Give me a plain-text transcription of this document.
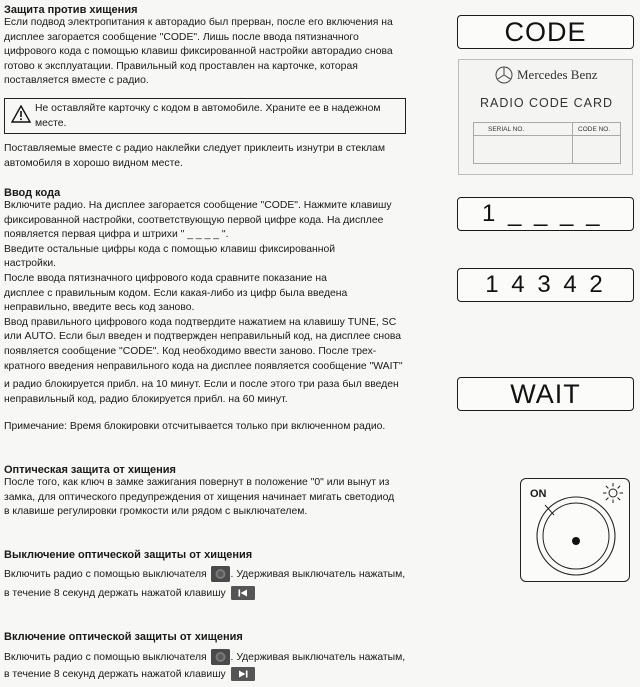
Защита против хищения
Если подвод электропитания к автoрадио был прерван, после его включения на
дисплее загорается сообщение "CODE". Лишь после ввода пятизначного
цифрового кода с помощью клавиш фиксированной настройки автoрадио снова
готово к эксплуатации. Правильный код проставлен на карточке, которая
поставляется вместе с радио.
Не оставляйте карточку с кодом в автомобиле. Храните ее в надежном
месте.
Поставляемые вместе с радио наклейки следует приклеить изнутри в стеклам
автомобиля в хорошо видном месте.
Ввод кода
Включите радио. На дисплее загорается сообщение "CODE". Нажмите клавишу
фиксированной настройки, соответствующую первой цифре кода. На дисплее
появляется первая цифра и штрихи " _ _ _ _ ".
Введите остальные цифры кода с помощью клавиш фиксированной
настройки.
После ввода пятизначного цифрового кода сравните показание на
дисплее с правильным кодом. Если какая-либо из цифр была введена
неправильно, введите весь код заново.
Ввод правильного цифрового кода подтвердите нажатием на клавишу TUNE, SC
или AUTO. Если был введен и подтвержден неправильный код, на дисплее снова
появляется сообщение "CODE". Код необходимо ввести заново. После трех-
кратного введения неправильного кода на дисплее появляется сообщение "WAIT"
и радио блокируется прибл. на 10 минут. Если и после этого три раза был введен
неправильный код, радио блокируется прибл. на 60 минут.
Примечание: Время блокировки отсчитывается только при включенном радио.
Оптическая защита от хищения
После того, как ключ в замке зажигания повернут в положение "0" или вынут из
замка, для оптического предупреждения от хищения начинает мигать светодиод
в клавише регулировки громкости или рядом с выключателем.
Выключение оптической защиты от хищения
Включить радио с помощью выключателя . Удерживая выключатель нажатым,
в течение 8 секунд держать нажатой клавишу
Включение оптической защиты от хищения
Включить радио с помощью выключателя . Удерживая выключатель нажатым,
в течение 8 секунд держать нажатой клавишу
CODE
Mercedes Benz
RADIO CODE CARD
SERIAL NO.	CODE NO.
1 _ _ _ _
1 4 3 4 2
WAIT
ON
